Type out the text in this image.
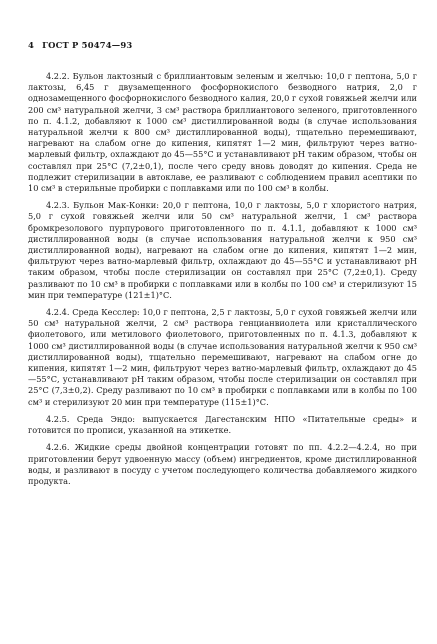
4 ГОСТ Р 50474—93

4.2.2. Бульон лактозный с бриллиантовым зеленым и желчью: 10,0 г пептона, 5,0 г лактозы, 6,45 г двузамещенного фосфорнокислого безводного натрия, 2,0 г однозамещенного фосфорнокислого безводного калия, 20,0 г сухой говяжьей желчи или 200 см³ натуральной желчи, 3 см³ раствора бриллиантового зеленого, приготовленного по п. 4.1.2, добавляют к 1000 см³ дистиллированной воды (в случае использования натуральной желчи к 800 см³ дистиллированной воды), тщательно перемешивают, нагревают на слабом огне до кипения, кипятят 1—2 мин, фильтруют через ватно-марлевый фильтр, охлаждают до 45—55°С и устанавливают рН таким образом, чтобы он составлял при 25°С (7,2±0,1), после чего среду вновь доводят до кипения. Среда не подлежит стерилизации в автоклаве, ее разливают с соблюдением правил асептики по 10 см³ в стерильные пробирки с поплавками или по 100 см³ в колбы.

4.2.3. Бульон Мак-Конки: 20,0 г пептона, 10,0 г лактозы, 5,0 г хлористого натрия, 5,0 г сухой говяжьей желчи или 50 см³ натуральной желчи, 1 см³ раствора бромкрезолового пурпурового приготовленного по п. 4.1.1, добавляют к 1000 см³ дистиллированной воды (в случае использования натуральной желчи к 950 см³ дистиллированной воды), нагревают на слабом огне до кипения, кипятят 1—2 мин, фильтруют через ватно-марлевый фильтр, охлаждают до 45—55°С и устанавливают рН таким образом, чтобы после стерилизации он составлял при 25°С (7,2±0,1). Среду разливают по 10 см³ в пробирки с поплавками или в колбы по 100 см³ и стерилизуют 15 мин при температуре (121±1)°С.

4.2.4. Среда Кесслер: 10,0 г пептона, 2,5 г лактозы, 5,0 г сухой говяжьей желчи или 50 см³ натуральной желчи, 2 см³ раствора генцианвиолета или кристаллического фиолетового, или метилового фиолетового, приготовленных по п. 4.1.3, добавляют к 1000 см³ дистиллированной воды (в случае использования натуральной желчи к 950 см³ дистиллированной воды), тщательно перемешивают, нагревают на слабом огне до кипения, кипятят 1—2 мин, фильтруют через ватно-марлевый фильтр, охлаждают до 45—55°С, устанавливают рН таким образом, чтобы после стерилизации он составлял при 25°С (7,3±0,2). Среду разливают по 10 см³ в пробирки с поплавками или в колбы по 100 см³ и стерилизуют 20 мин при температуре (115±1)°С.

4.2.5. Среда Эндо: выпускается Дагестанским НПО «Питательные среды» и готовится по прописи, указанной на этикетке.

4.2.6. Жидкие среды двойной концентрации готовят по пп. 4.2.2—4.2.4, но при приготовлении берут удвоенную массу (объем) ингредиентов, кроме дистиллированной воды, и разливают в посуду с учетом последующего количества добавляемого жидкого продукта.
